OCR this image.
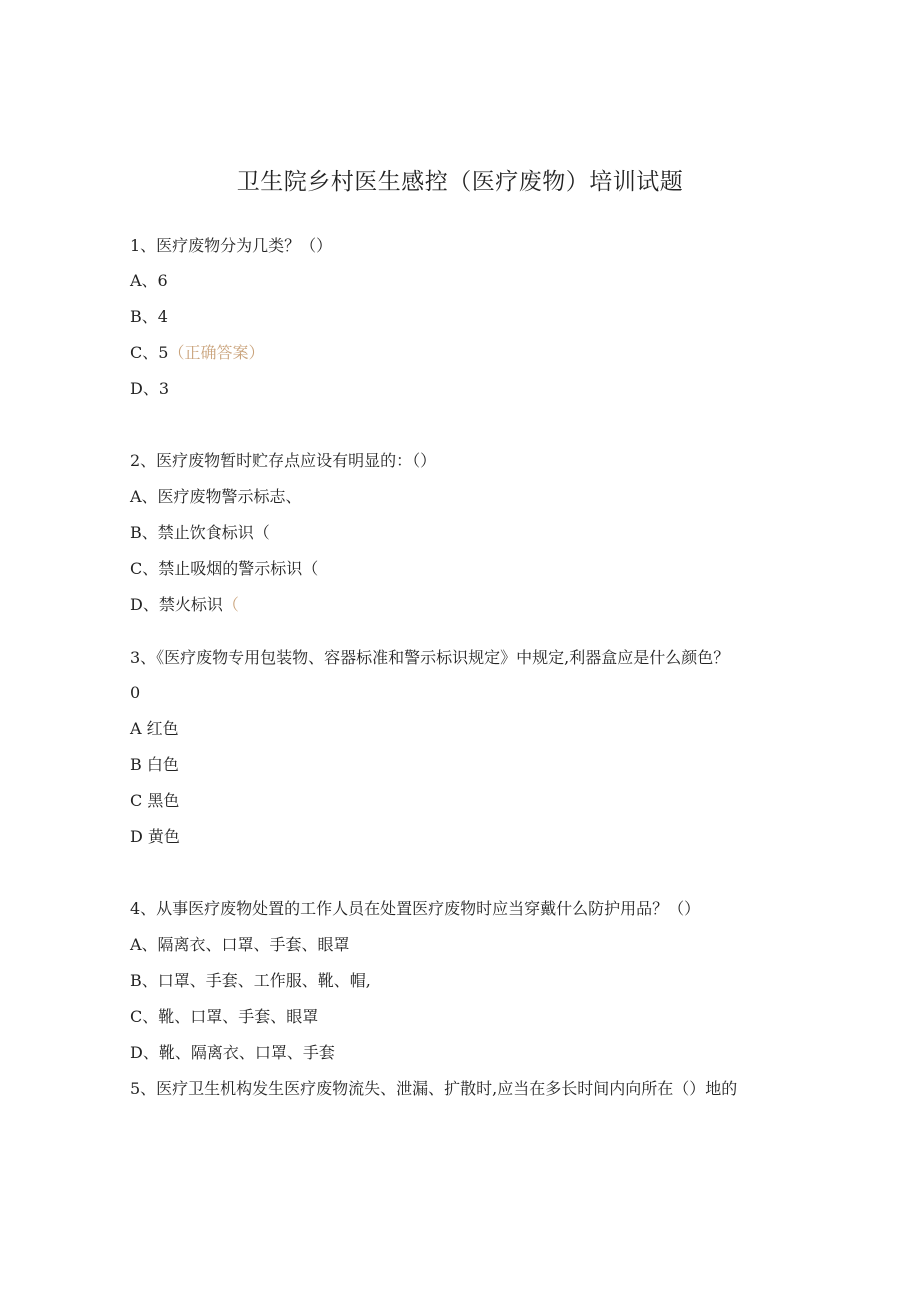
卫生院乡村医生感控（医疗废物）培训试题
1、医疗废物分为几类？（）
A、6
B、4
C、5（正确答案）
D、3
2、医疗废物暂时贮存点应设有明显的：（）
A、医疗废物警示标志、
B、禁止饮食标识（
C、禁止吸烟的警示标识（
D、禁火标识（
3、《医疗废物专用包装物、容器标准和警示标识规定》中规定,利器盒应是什么颜色？
0
A 红色
B 白色
C 黑色
D 黄色
4、从事医疗废物处置的工作人员在处置医疗废物时应当穿戴什么防护用品？（）
A、隔离衣、口罩、手套、眼罩
B、口罩、手套、工作服、靴、帽,
C、靴、口罩、手套、眼罩
D、靴、隔离衣、口罩、手套
5、医疗卫生机构发生医疗废物流失、泄漏、扩散时,应当在多长时间内向所在（）地的
